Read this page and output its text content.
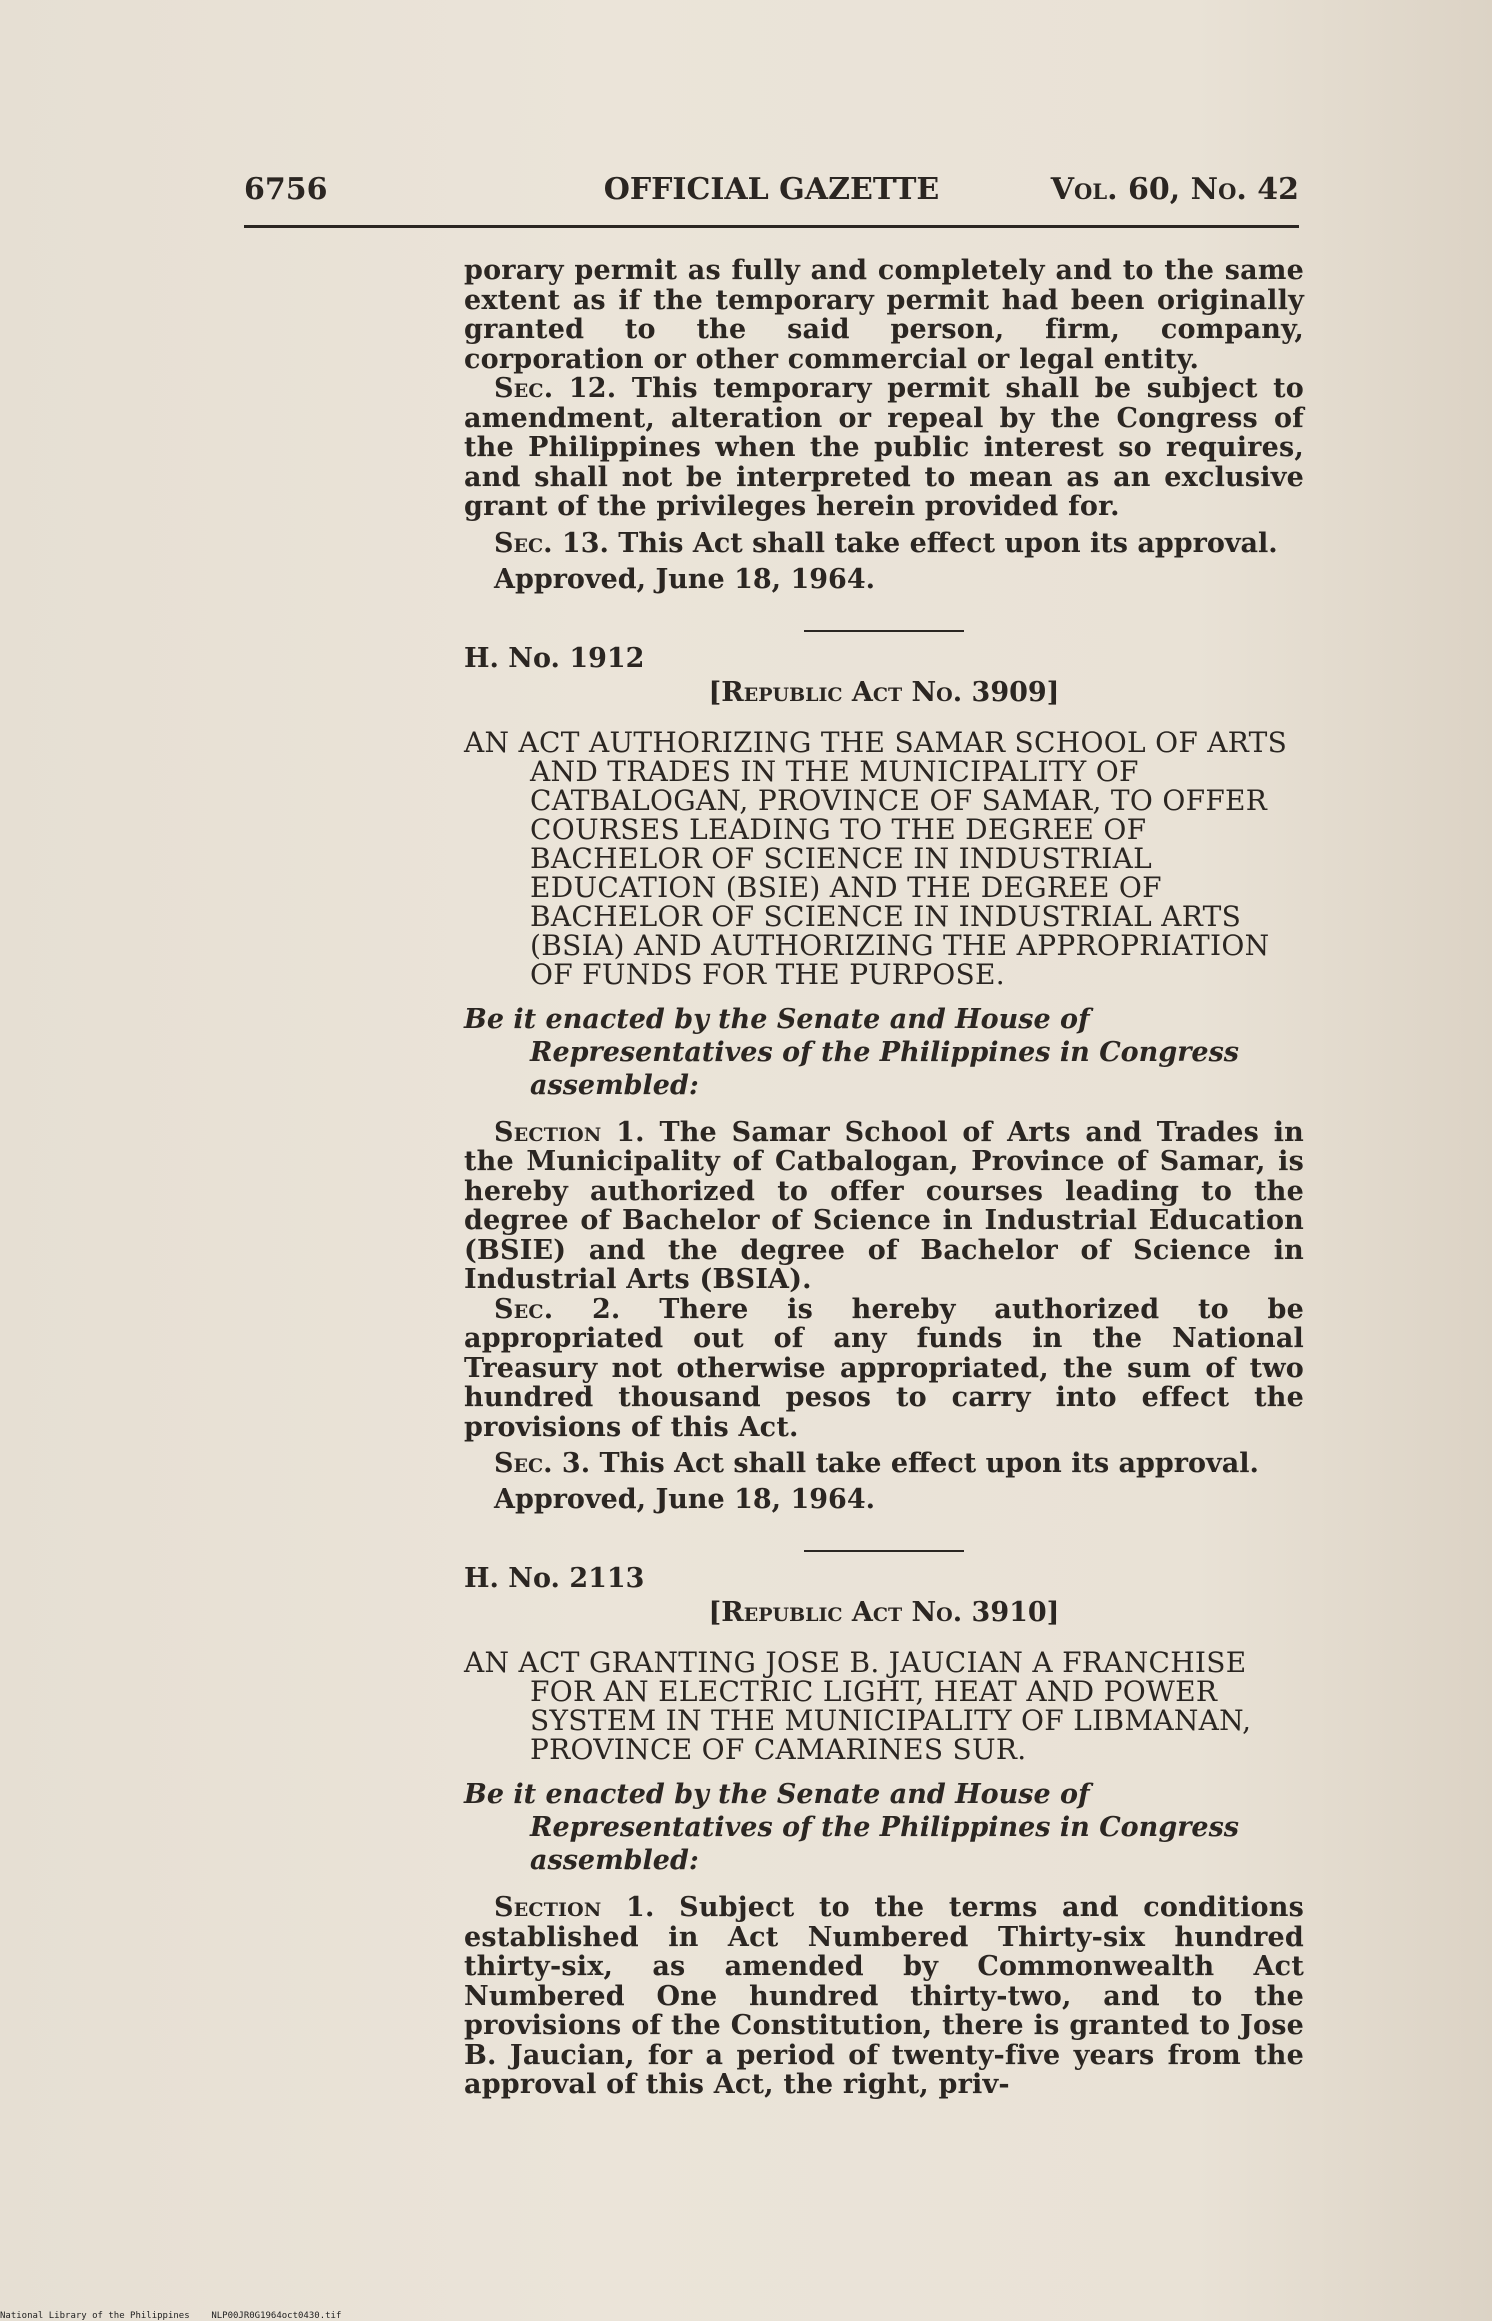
6756	OFFICIAL GAZETTE	Vol. 60, No. 42

porary permit as fully and completely and to the same extent as if the temporary permit had been originally granted to the said person, firm, company, corporation or other commercial or legal entity.

Sec. 12. This temporary permit shall be subject to amendment, alteration or repeal by the Congress of the Philippines when the public interest so requires, and shall not be interpreted to mean as an exclusive grant of the privileges herein provided for.

Sec. 13. This Act shall take effect upon its approval.

Approved, June 18, 1964.

H. No. 1912

[Republic Act No. 3909]

AN ACT AUTHORIZING THE SAMAR SCHOOL OF ARTS AND TRADES IN THE MUNICIPALITY OF CATBALOGAN, PROVINCE OF SAMAR, TO OFFER COURSES LEADING TO THE DEGREE OF BACHELOR OF SCIENCE IN INDUSTRIAL EDUCATION (BSIE) AND THE DEGREE OF BACHELOR OF SCIENCE IN INDUSTRIAL ARTS (BSIA) AND AUTHORIZING THE APPROPRIATION OF FUNDS FOR THE PURPOSE.

Be it enacted by the Senate and House of Representatives of the Philippines in Congress assembled:

Section 1. The Samar School of Arts and Trades in the Municipality of Catbalogan, Province of Samar, is hereby authorized to offer courses leading to the degree of Bachelor of Science in Industrial Education (BSIE) and the degree of Bachelor of Science in Industrial Arts (BSIA).

Sec. 2. There is hereby authorized to be appropriated out of any funds in the National Treasury not otherwise appropriated, the sum of two hundred thousand pesos to carry into effect the provisions of this Act.

Sec. 3. This Act shall take effect upon its approval.

Approved, June 18, 1964.

H. No. 2113

[Republic Act No. 3910]

AN ACT GRANTING JOSE B. JAUCIAN A FRANCHISE FOR AN ELECTRIC LIGHT, HEAT AND POWER SYSTEM IN THE MUNICIPALITY OF LIBMANAN, PROVINCE OF CAMARINES SUR.

Be it enacted by the Senate and House of Representatives of the Philippines in Congress assembled:

Section 1. Subject to the terms and conditions established in Act Numbered Thirty-six hundred thirty-six, as amended by Commonwealth Act Numbered One hundred thirty-two, and to the provisions of the Constitution, there is granted to Jose B. Jaucian, for a period of twenty-five years from the approval of this Act, the right, priv-

National Library of the Philippines    NLP00JR0G1964oct0430.tif
